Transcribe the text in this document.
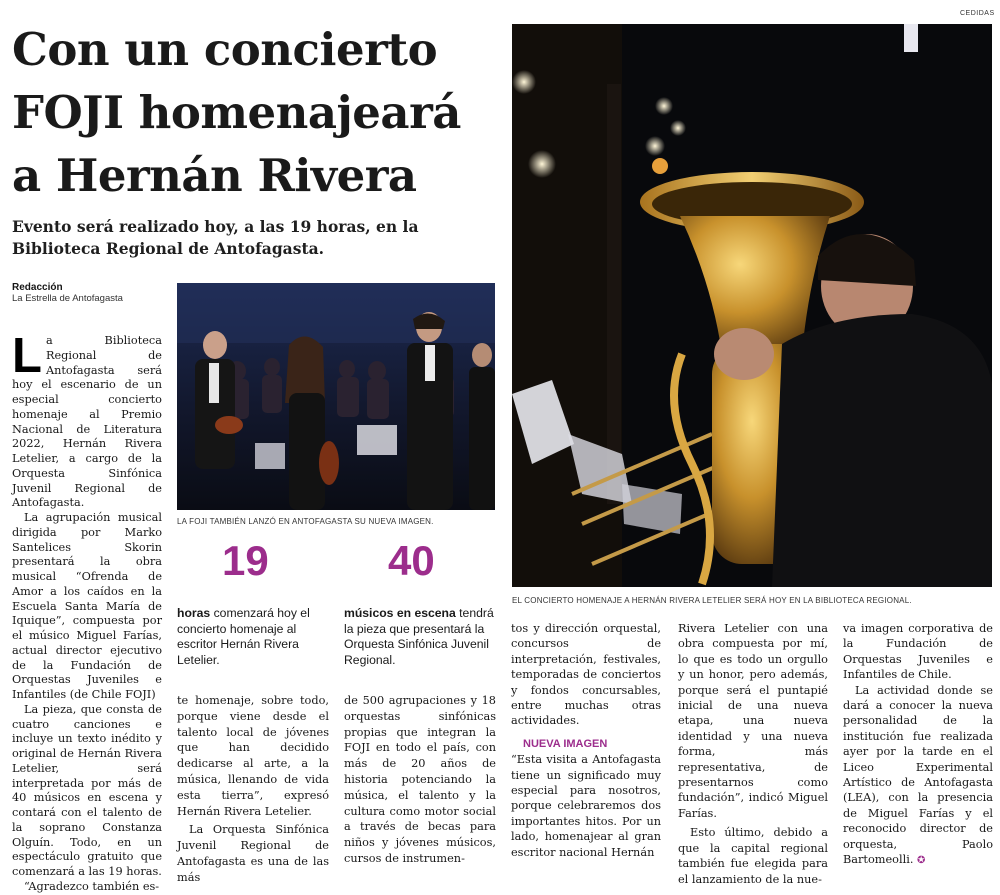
CEDIDAS
Con un concierto
FOJI homenajeará
a Hernán Rivera
Evento será realizado hoy, a las 19 horas, en la Biblioteca Regional de Antofagasta.
Redacción
La Estrella de Antofagasta

La Biblioteca Regional de Antofagasta será hoy el escenario de un especial concierto homenaje al Premio Nacional de Literatura 2022, Hernán Rivera Letelier, a cargo de la Orquesta Sinfónica Juvenil Regional de Antofagasta.

La agrupación musical dirigida por Marko Santelices Skorin presentará la obra musical “Ofrenda de Amor a los caídos en la Escuela Santa María de Iquique”, compuesta por el músico Miguel Farías, actual director ejecutivo de la Fundación de Orquestas Juveniles e Infantiles (de Chile FOJI)

La pieza, que consta de cuatro canciones e incluye un texto inédito y original de Hernán Rivera Letelier, será interpretada por más de 40 músicos en escena y contará con el talento de la soprano Constanza Olguín. Todo, en un espectáculo gratuito que comenzará a las 19 horas.

“Agradezco también es-

LA FOJI TAMBIÉN LANZÓ EN ANTOFAGASTA SU NUEVA IMAGEN.
19
horas comenzará hoy el concierto homenaje al escritor Hernán Rivera Letelier.
40
músicos en escena tendrá la pieza que presentará la Orquesta Sinfónica Juvenil Regional.

te homenaje, sobre todo, porque viene desde el talento local de jóvenes que han decidido dedicarse al arte, a la música, llenando de vida esta tierra”, expresó Hernán Rivera Letelier.

La Orquesta Sinfónica Juvenil Regional de Antofagasta es una de las más

de 500 agrupaciones y 18 orquestas sinfónicas propias que integran la FOJI en todo el país, con más de 20 años de historia potenciando la música, el talento y la cultura como motor social a través de becas para niños y jóvenes músicos, cursos de instrumen-

EL CONCIERTO HOMENAJE A HERNÁN RIVERA LETELIER SERÁ HOY EN LA BIBLIOTECA REGIONAL.

tos y dirección orquestal, concursos de interpretación, festivales, temporadas de conciertos y fondos concursables, entre muchas otras actividades.

NUEVA IMAGEN

“Esta visita a Antofagasta tiene un significado muy especial para nosotros, porque celebraremos dos importantes hitos. Por un lado, homenajear al gran escritor nacional Hernán

Rivera Letelier con una obra compuesta por mí, lo que es todo un orgullo y un honor, pero además, porque será el puntapié inicial de una nueva etapa, una nueva identidad y una nueva forma, más representativa, de presentarnos como fundación”, indicó Miguel Farías.

Esto último, debido a que la capital regional también fue elegida para el lanzamiento de la nue-

va imagen corporativa de la Fundación de Orquestas Juveniles e Infantiles de Chile.

La actividad donde se dará a conocer la nueva personalidad de la institución fue realizada ayer por la tarde en el Liceo Experimental Artístico de Antofagasta (LEA), con la presencia de Miguel Farías y el reconocido director de orquesta, Paolo Bartomeolli. ✪
